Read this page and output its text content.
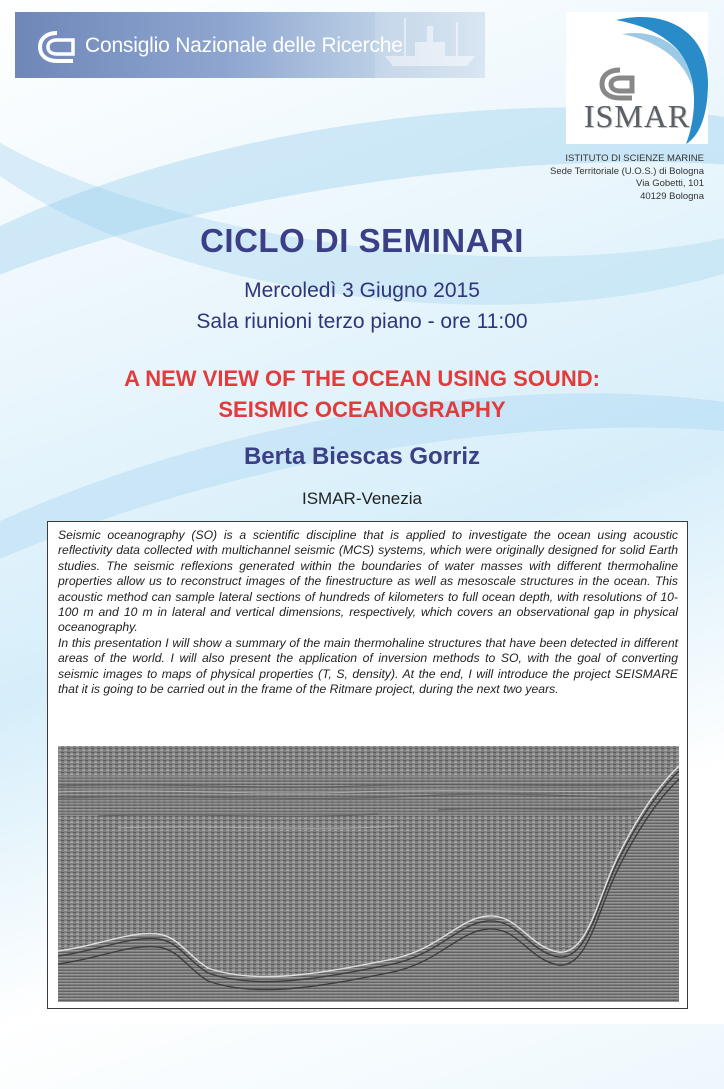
Consiglio Nazionale delle Ricerche
ISMAR
ISTITUTO DI SCIENZE MARINE
Sede Territoriale (U.O.S.) di Bologna
Via Gobetti, 101
40129 Bologna
CICLO DI SEMINARI
Mercoledì 3 Giugno 2015
Sala riunioni terzo piano - ore 11:00
A NEW VIEW OF THE OCEAN USING SOUND:
SEISMIC OCEANOGRAPHY
Berta Biescas Gorriz
ISMAR-Venezia

Seismic oceanography (SO) is a scientific discipline that is applied to investigate the ocean using acoustic reflectivity data collected with multichannel seismic (MCS) systems, which were originally designed for solid Earth studies. The seismic reflexions generated within the boundaries of water masses with different thermohaline properties allow us to reconstruct images of the finestructure as well as mesoscale structures in the ocean. This acoustic method can sample lateral sections of hundreds of kilometers to full ocean depth, with resolutions of 10-100 m and 10 m in lateral and vertical dimensions, respectively, which covers an observational gap in physical oceanography.

In this presentation I will show a summary of the main thermohaline structures that have been detected in different areas of the world. I will also present the application of inversion methods to SO, with the goal of converting seismic images to maps of physical properties (T, S, density). At the end, I will introduce the project SEISMARE that it is going to be carried out in the frame of the Ritmare project, during the next two years.
